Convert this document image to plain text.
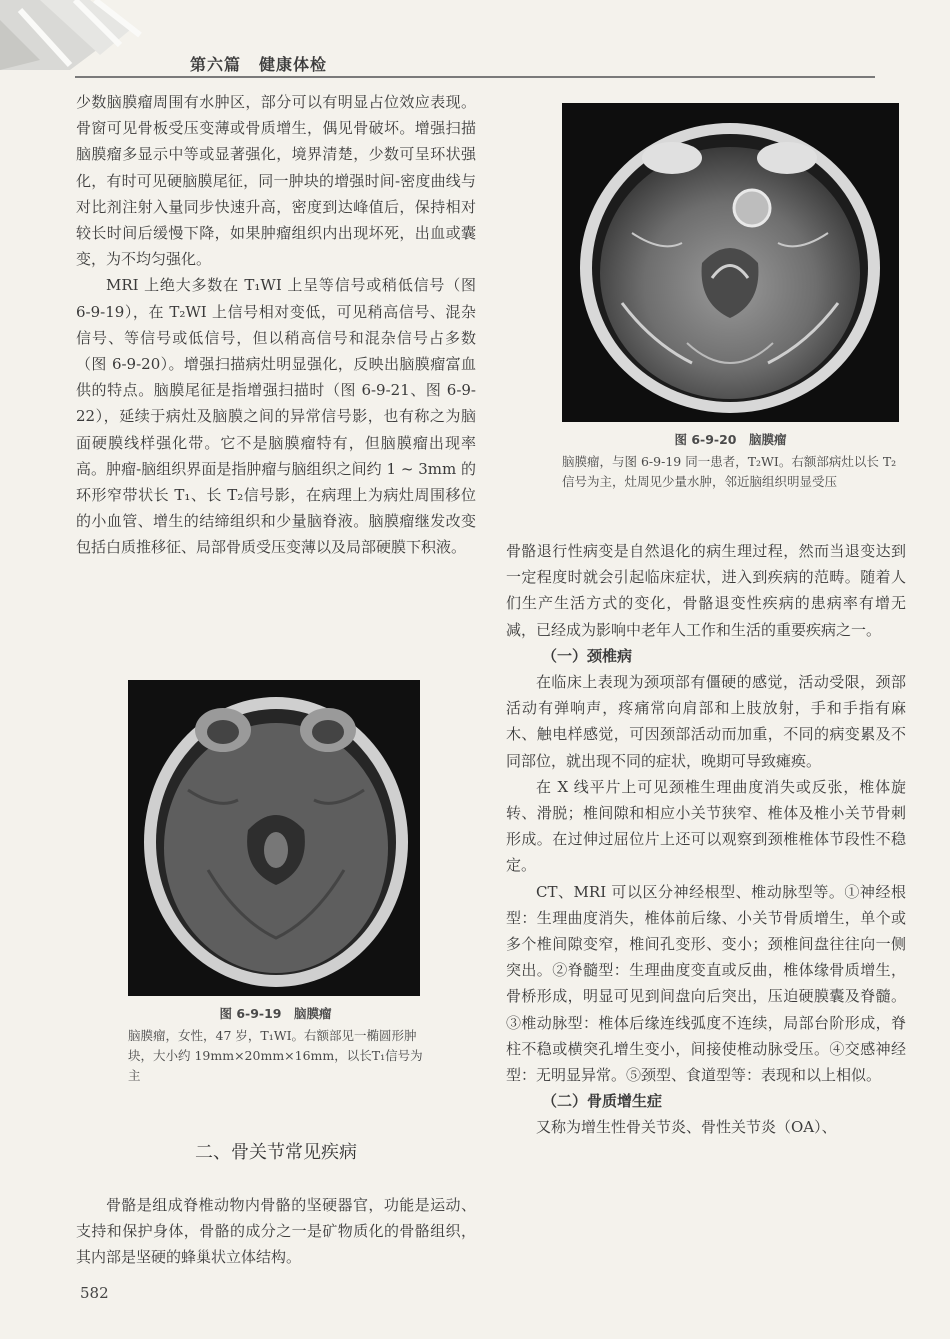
第六篇 健康体检

少数脑膜瘤周围有水肿区，部分可以有明显占位效应表现。骨窗可见骨板受压变薄或骨质增生，偶见骨破坏。增强扫描脑膜瘤多显示中等或显著强化，境界清楚，少数可呈环状强化，有时可见硬脑膜尾征，同一肿块的增强时间-密度曲线与对比剂注射入量同步快速升高，密度到达峰值后，保持相对较长时间后缓慢下降，如果肿瘤组织内出现坏死，出血或囊变，为不均匀强化。

MRI 上绝大多数在 T₁WI 上呈等信号或稍低信号（图 6-9-19），在 T₂WI 上信号相对变低，可见稍高信号、混杂信号、等信号或低信号，但以稍高信号和混杂信号占多数（图 6-9-20）。增强扫描病灶明显强化，反映出脑膜瘤富血供的特点。脑膜尾征是指增强扫描时（图 6-9-21、图 6-9-22），延续于病灶及脑膜之间的异常信号影，也有称之为脑面硬膜线样强化带。它不是脑膜瘤特有，但脑膜瘤出现率高。肿瘤-脑组织界面是指肿瘤与脑组织之间约 1 ~ 3mm 的环形窄带状长 T₁、长 T₂信号影，在病理上为病灶周围移位的小血管、增生的结缔组织和少量脑脊液。脑膜瘤继发改变包括白质推移征、局部骨质受压变薄以及局部硬膜下积液。

图 6-9-20　脑膜瘤
脑膜瘤，与图 6-9-19 同一患者，T₂WI。右额部病灶以长 T₂信号为主，灶周见少量水肿，邻近脑组织明显受压
图 6-9-19　脑膜瘤
脑膜瘤，女性，47 岁，T₁WI。右额部见一椭圆形肿块，大小约 19mm×20mm×16mm，以长T₁信号为主
二、骨关节常见疾病
骨骼是组成脊椎动物内骨骼的坚硬器官，功能是运动、支持和保护身体，骨骼的成分之一是矿物质化的骨骼组织，其内部是坚硬的蜂巢状立体结构。

骨骼退行性病变是自然退化的病生理过程，然而当退变达到一定程度时就会引起临床症状，进入到疾病的范畴。随着人们生产生活方式的变化，骨骼退变性疾病的患病率有增无减，已经成为影响中老年人工作和生活的重要疾病之一。

（一）颈椎病

在临床上表现为颈项部有僵硬的感觉，活动受限，颈部活动有弹响声，疼痛常向肩部和上肢放射，手和手指有麻木、触电样感觉，可因颈部活动而加重，不同的病变累及不同部位，就出现不同的症状，晚期可导致瘫痪。

在 X 线平片上可见颈椎生理曲度消失或反张，椎体旋转、滑脱；椎间隙和相应小关节狭窄、椎体及椎小关节骨刺形成。在过伸过屈位片上还可以观察到颈椎椎体节段性不稳定。

CT、MRI 可以区分神经根型、椎动脉型等。①神经根型：生理曲度消失，椎体前后缘、小关节骨质增生，单个或多个椎间隙变窄，椎间孔变形、变小；颈椎间盘往往向一侧突出。②脊髓型：生理曲度变直或反曲，椎体缘骨质增生，骨桥形成，明显可见到间盘向后突出，压迫硬膜囊及脊髓。③椎动脉型：椎体后缘连线弧度不连续，局部台阶形成，脊柱不稳或横突孔增生变小，间接使椎动脉受压。④交感神经型：无明显异常。⑤颈型、食道型等：表现和以上相似。

（二）骨质增生症

又称为增生性骨关节炎、骨性关节炎（OA）、

582
